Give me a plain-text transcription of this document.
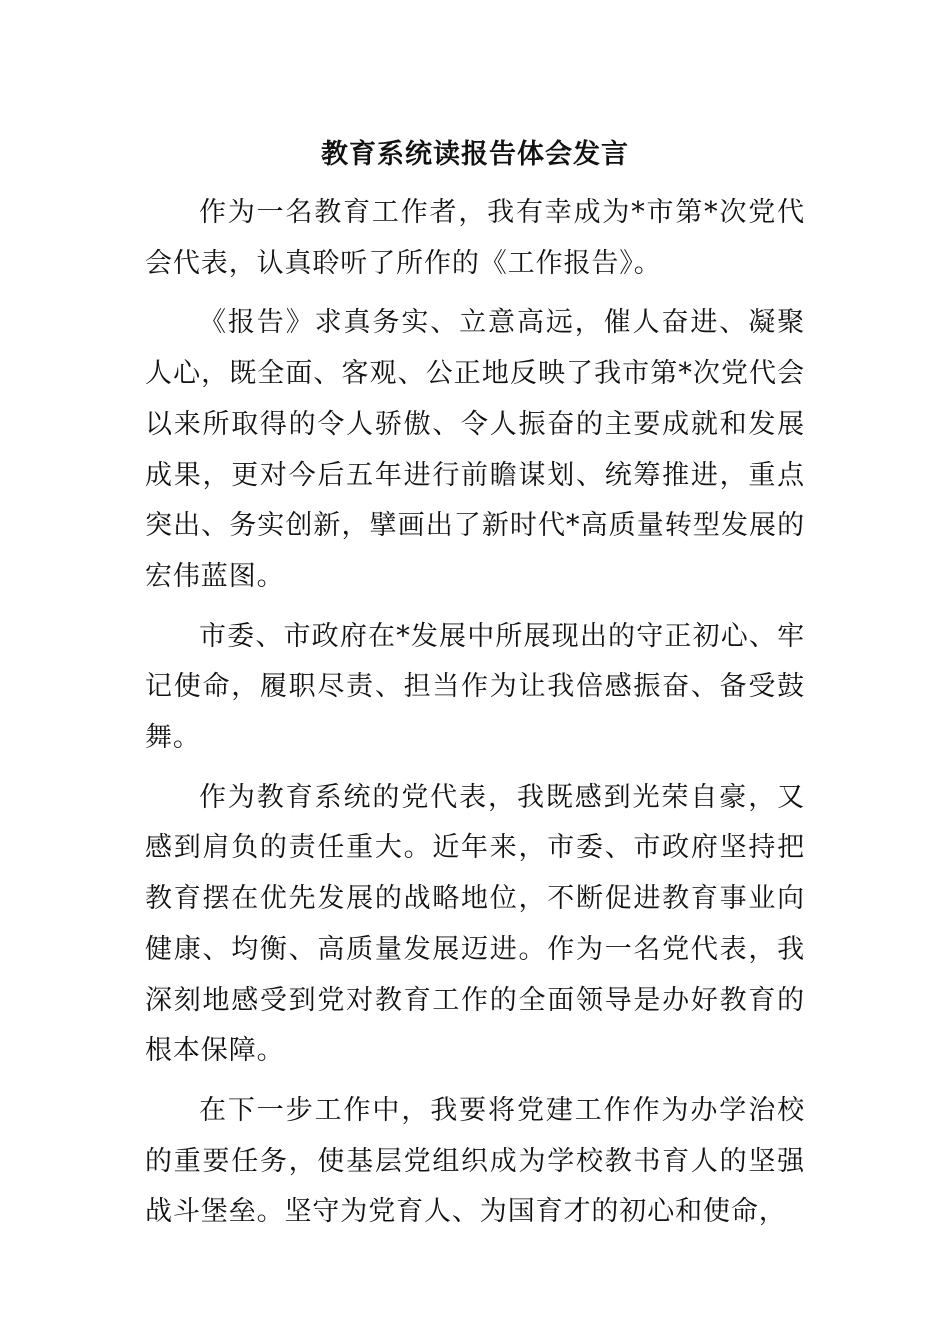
教育系统读报告体会发言

作为一名教育工作者，我有幸成为*市第*次党代会代表，认真聆听了所作的《工作报告》。

《报告》求真务实、立意高远，催人奋进、凝聚人心，既全面、客观、公正地反映了我市第*次党代会以来所取得的令人骄傲、令人振奋的主要成就和发展成果，更对今后五年进行前瞻谋划、统筹推进，重点突出、务实创新，擘画出了新时代*高质量转型发展的宏伟蓝图。

市委、市政府在*发展中所展现出的守正初心、牢记使命，履职尽责、担当作为让我倍感振奋、备受鼓舞。

作为教育系统的党代表，我既感到光荣自豪，又感到肩负的责任重大。近年来，市委、市政府坚持把教育摆在优先发展的战略地位，不断促进教育事业向健康、均衡、高质量发展迈进。作为一名党代表，我深刻地感受到党对教育工作的全面领导是办好教育的根本保障。

在下一步工作中，我要将党建工作作为办学治校的重要任务，使基层党组织成为学校教书育人的坚强战斗堡垒。坚守为党育人、为国育才的初心和使命，
